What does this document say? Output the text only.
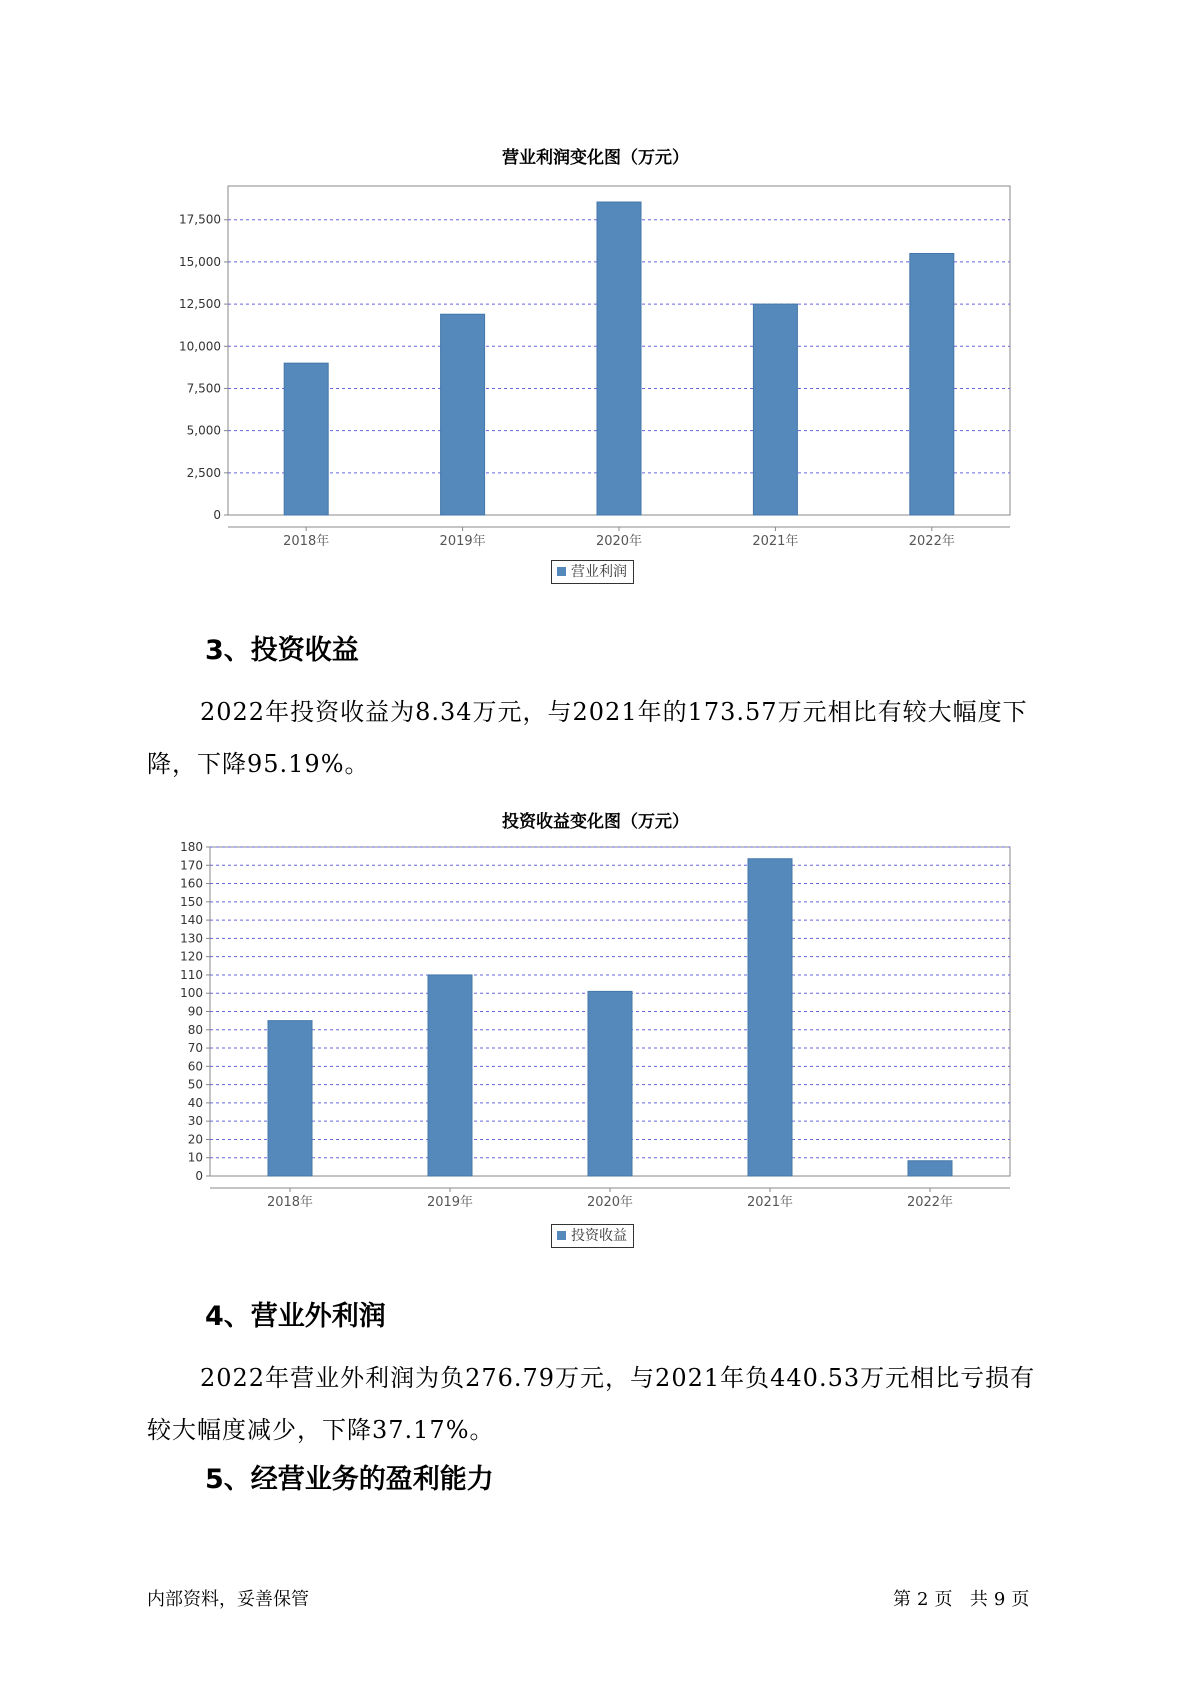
营业利润变化图（万元）
0
2,500
5,000
7,500
10,000
12,500
15,000
17,500
2018年	2019年	2020年	2021年	2022年
营业利润
3、投资收益
2022年投资收益为8.34万元，与2021年的173.57万元相比有较大幅度下降，下降95.19%。
投资收益变化图（万元）
0
10
20
30
40
50
60
70
80
90
100
110
120
130
140
150
160
170
180
2018年	2019年	2020年	2021年	2022年
投资收益
4、营业外利润
2022年营业外利润为负276.79万元，与2021年负440.53万元相比亏损有较大幅度减少，下降37.17%。
5、经营业务的盈利能力
内部资料，妥善保管	第 2 页 共 9 页
